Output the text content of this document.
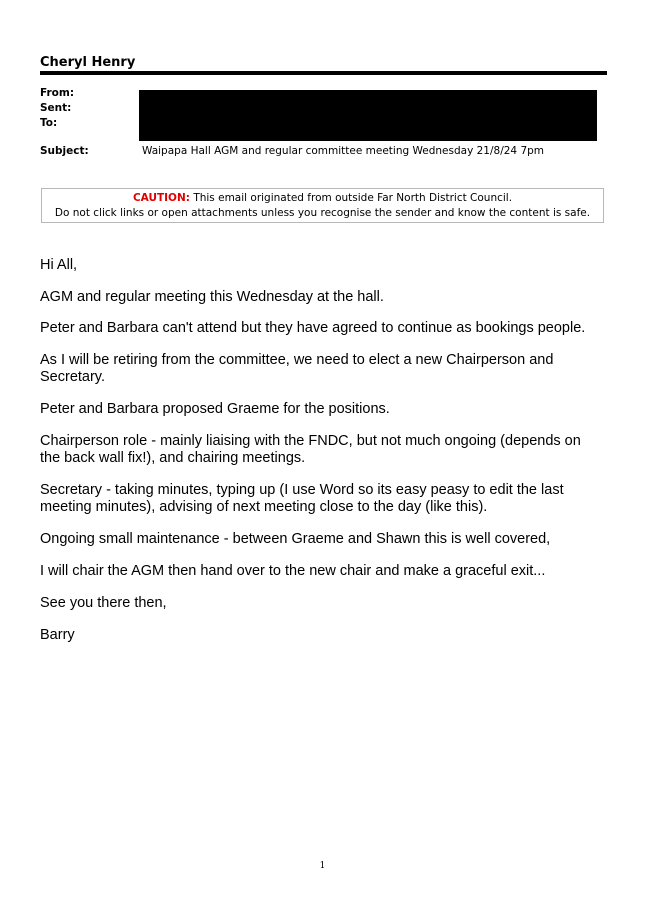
Cheryl Henry
From:
Sent:
To:
Subject:	Waipapa Hall AGM and regular committee meeting Wednesday 21/8/24 7pm
CAUTION: This email originated from outside Far North District Council.
Do not click links or open attachments unless you recognise the sender and know the content is safe.
Hi All,
AGM and regular meeting this Wednesday at the hall.
Peter and Barbara can't attend but they have agreed to continue as bookings people.
As I will be retiring from the committee, we need to elect a new Chairperson and Secretary.
Peter and Barbara proposed Graeme for the positions.
Chairperson role - mainly liaising with the FNDC, but not much ongoing (depends on the back wall fix!), and chairing meetings.
Secretary - taking minutes, typing up (I use Word so its easy peasy to edit the last meeting minutes), advising of next meeting close to the day (like this).
Ongoing small maintenance - between Graeme and Shawn this is well covered,
I will chair the AGM then hand over to the new chair and make a graceful exit...
See you there then,
Barry
1
